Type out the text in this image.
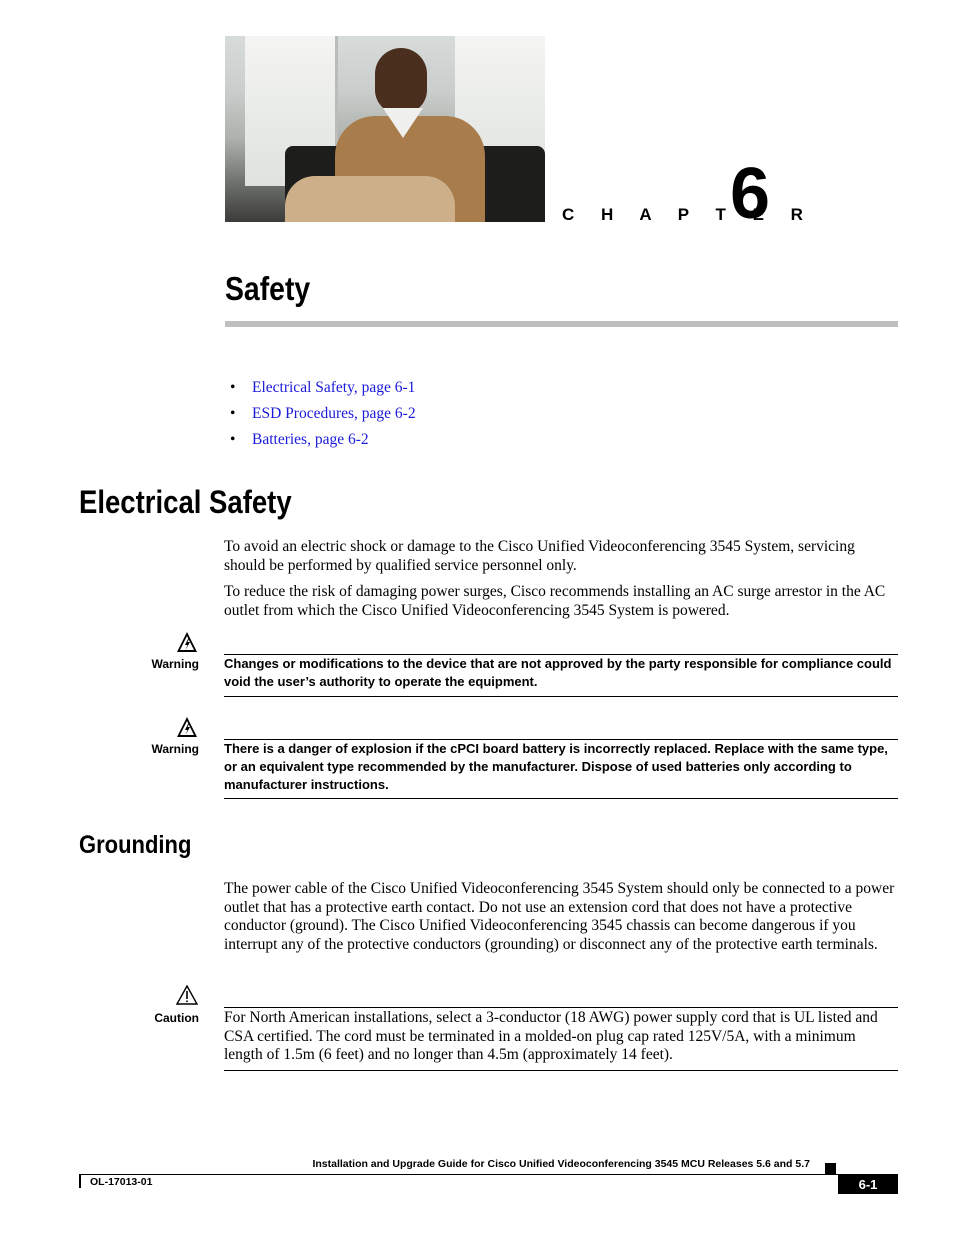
C H A P T E R
6
Safety
• Electrical Safety, page 6-1
• ESD Procedures, page 6-2
• Batteries, page 6-2
Electrical Safety
To avoid an electric shock or damage to the Cisco Unified Videoconferencing 3545 System, servicing should be performed by qualified service personnel only.
To reduce the risk of damaging power surges, Cisco recommends installing an AC surge arrestor in the AC outlet from which the Cisco Unified Videoconferencing 3545 System is powered.
Warning Changes or modifications to the device that are not approved by the party responsible for compliance could void the user’s authority to operate the equipment.
Warning There is a danger of explosion if the cPCI board battery is incorrectly replaced. Replace with the same type, or an equivalent type recommended by the manufacturer. Dispose of used batteries only according to manufacturer instructions.
Grounding
The power cable of the Cisco Unified Videoconferencing 3545 System should only be connected to a power outlet that has a protective earth contact. Do not use an extension cord that does not have a protective conductor (ground). The Cisco Unified Videoconferencing 3545 chassis can become dangerous if you interrupt any of the protective conductors (grounding) or disconnect any of the protective earth terminals.
Caution For North American installations, select a 3-conductor (18 AWG) power supply cord that is UL listed and CSA certified. The cord must be terminated in a molded-on plug cap rated 125V/5A, with a minimum length of 1.5m (6 feet) and no longer than 4.5m (approximately 14 feet).
Installation and Upgrade Guide for Cisco Unified Videoconferencing 3545 MCU Releases 5.6 and 5.7
OL-17013-01	6-1
